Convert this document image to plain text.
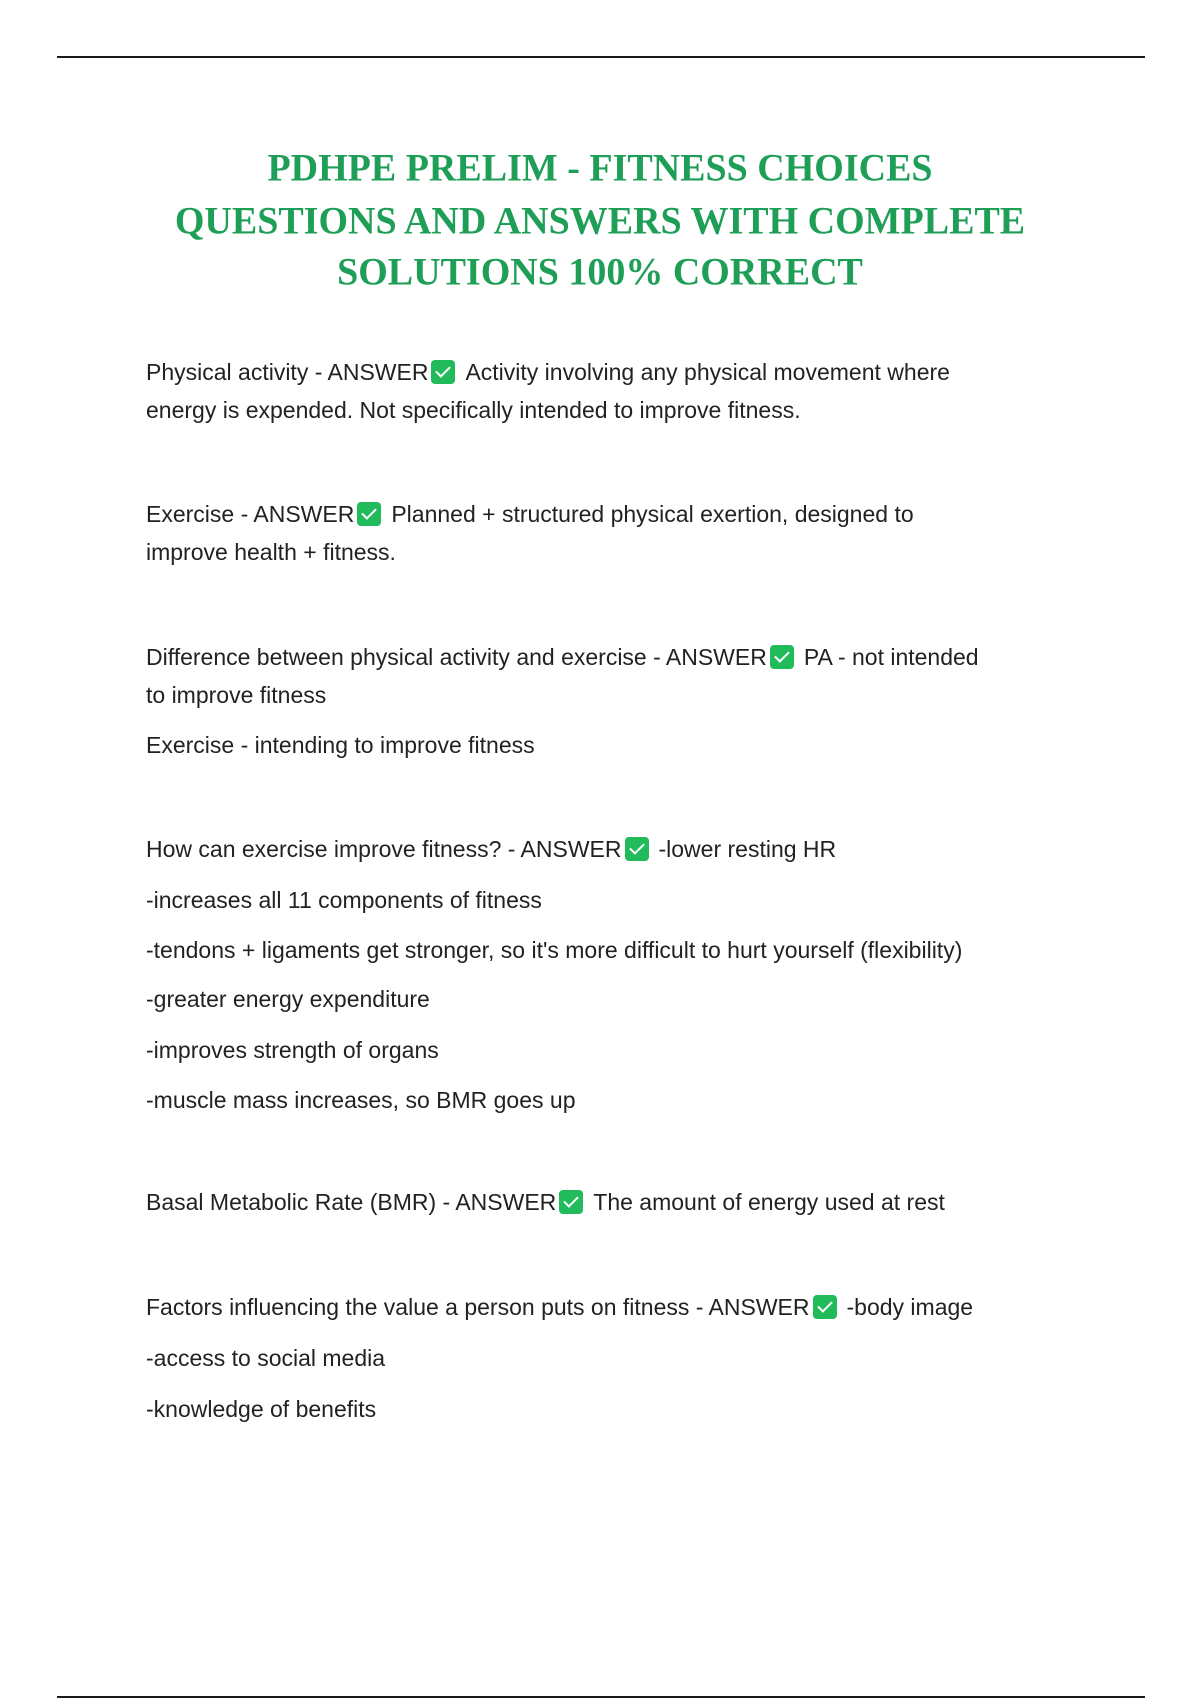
PDHPE PRELIM - FITNESS CHOICES
QUESTIONS AND ANSWERS WITH COMPLETE
SOLUTIONS 100% CORRECT
Physical activity - ANSWER Activity involving any physical movement where
energy is expended. Not specifically intended to improve fitness.
Exercise - ANSWER Planned + structured physical exertion, designed to
improve health + fitness.
Difference between physical activity and exercise - ANSWER PA - not intended
to improve fitness
Exercise - intending to improve fitness
How can exercise improve fitness? - ANSWER -lower resting HR
-increases all 11 components of fitness
-tendons + ligaments get stronger, so it's more difficult to hurt yourself (flexibility)
-greater energy expenditure
-improves strength of organs
-muscle mass increases, so BMR goes up
Basal Metabolic Rate (BMR) - ANSWER The amount of energy used at rest
Factors influencing the value a person puts on fitness - ANSWER -body image
-access to social media
-knowledge of benefits
